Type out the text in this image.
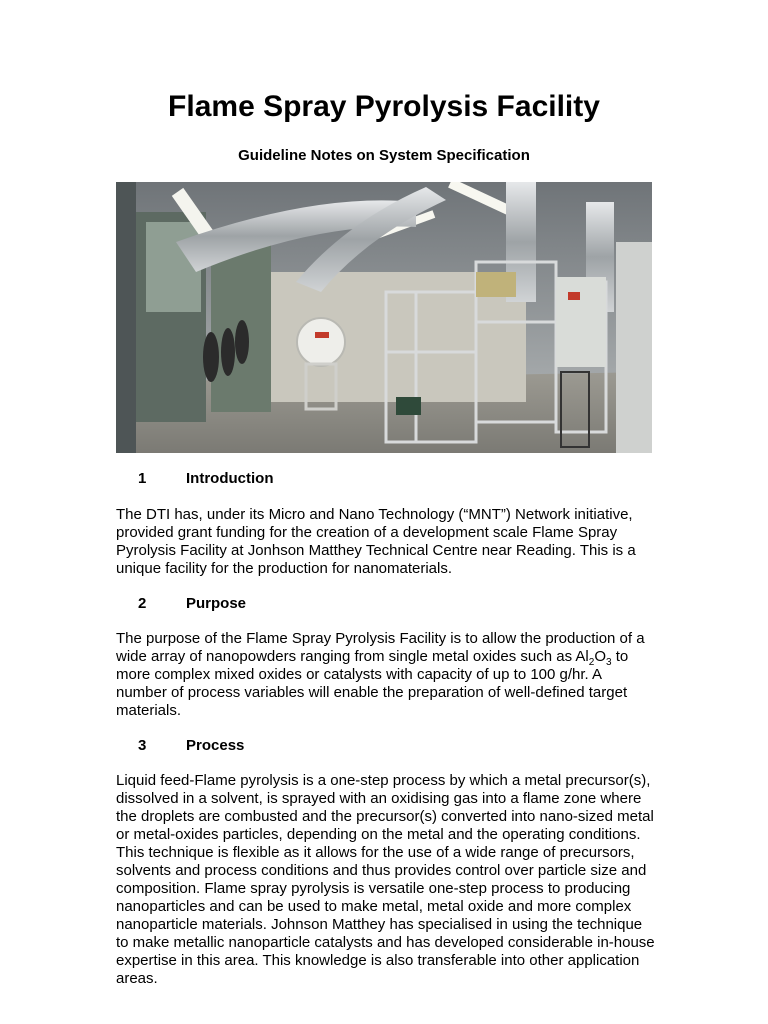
Flame Spray Pyrolysis Facility
Guideline Notes on System Specification
1	Introduction

The DTI has, under its Micro and Nano Technology (“MNT”) Network initiative, provided grant funding for the creation of a development scale Flame Spray Pyrolysis Facility at Jonhson Matthey Technical Centre near Reading. This is a unique facility for the production for nanomaterials.

2	Purpose

The purpose of the Flame Spray Pyrolysis Facility is to allow the production of a wide array of nanopowders ranging from single metal oxides such as $Al_2O_3$ to more complex mixed oxides or catalysts with capacity of up to 100 g/hr. A number of process variables will enable the preparation of well-defined target materials.

3	Process

Liquid feed-Flame pyrolysis is a one-step process by which a metal precursor(s), dissolved in a solvent, is sprayed with an oxidising gas into a flame zone where the droplets are combusted and the precursor(s) converted into nano-sized metal or metal-oxides particles, depending on the metal and the operating conditions. This technique is flexible as it allows for the use of a wide range of precursors, solvents and process conditions and thus provides control over particle size and composition. Flame spray pyrolysis is versatile one-step process to producing nanoparticles and can be used to make metal, metal oxide and more complex nanoparticle materials. Johnson Matthey has specialised in using the technique to make metallic nanoparticle catalysts and has developed considerable in-house expertise in this area. This knowledge is also transferable into other application areas.
